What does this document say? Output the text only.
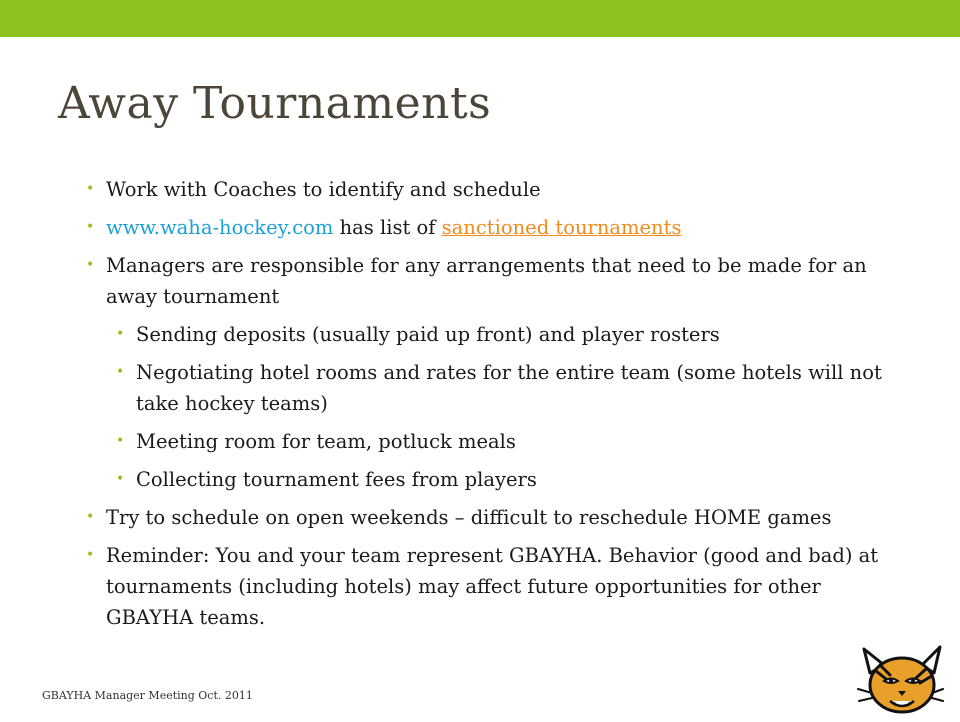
Away Tournaments
• Work with Coaches to identify and schedule
• www.waha-hockey.com has list of sanctioned tournaments
• Managers are responsible for any arrangements that need to be made for an away tournament
• Sending deposits (usually paid up front) and player rosters
• Negotiating hotel rooms and rates for the entire team (some hotels will not take hockey teams)
• Meeting room for team, potluck meals
• Collecting tournament fees from players
• Try to schedule on open weekends – difficult to reschedule HOME games
• Reminder: You and your team represent GBAYHA. Behavior (good and bad) at tournaments (including hotels) may affect future opportunities for other GBAYHA teams.
GBAYHA Manager Meeting Oct. 2011
